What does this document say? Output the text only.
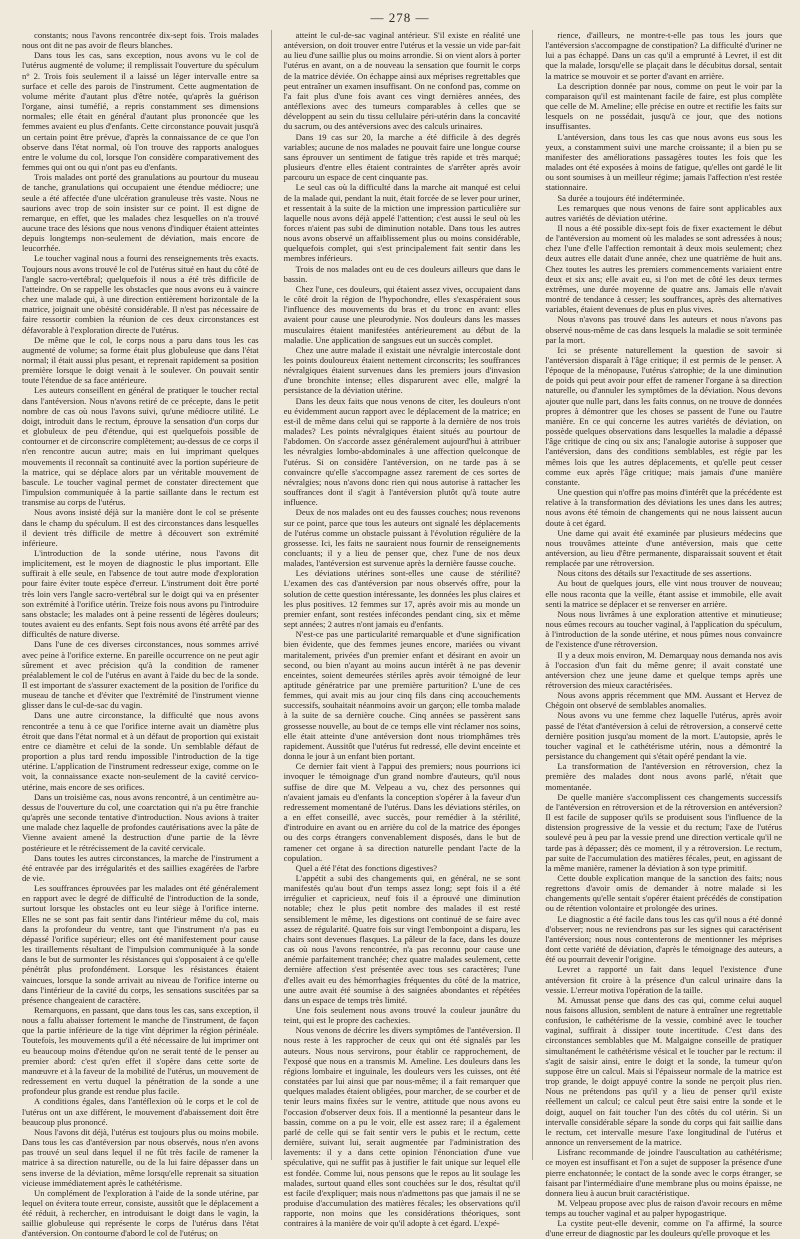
— 278 —

constants; nous l'avons rencontrée dix-sept fois. Trois malades nous ont dit ne pas avoir de fleurs blanches.

Dans tous les cas, sans exception, nous avons vu le col de l'utérus augmenté de volume; il remplissait l'ouverture du spéculum n° 2. Trois fois seulement il a laissé un léger intervalle entre sa surface et celle des parois de l'instrument. Cette augmentation de volume mérite d'autant plus d'être notée, qu'après la guérison l'organe, ainsi tuméfié, a repris constamment ses dimensions normales; elle était en général d'autant plus prononcée que les femmes avaient eu plus d'enfants. Cette circonstance pouvait jusqu'à un certain point être prévue, d'après la connaissance de ce que l'on observe dans l'état normal, où l'on trouve des rapports analogues entre le volume du col, lorsque l'on considère comparativement des femmes qui ont ou qui n'ont pas eu d'enfants.

Trois malades ont porté des granulations au pourtour du museau de tanche, granulations qui occupaient une étendue médiocre; une seule a été affectée d'une ulcération granuleuse très vaste. Nous ne saurions avec trop de soin insister sur ce point. Il est digne de remarque, en effet, que les malades chez lesquelles on n'a trouvé aucune trace des lésions que nous venons d'indiquer étaient atteintes depuis longtemps non-seulement de déviation, mais encore de leucorrhée.

Le toucher vaginal nous a fourni des renseignements très exacts. Toujours nous avons trouvé le col de l'utérus situé en haut du côté de l'angle sacro-vertébral; quelquefois il nous a été très difficile de l'atteindre. On se rappelle les obstacles que nous avons eu à vaincre chez une malade qui, à une direction entièrement horizontale de la matrice, joignait une obésité considérable. Il n'est pas nécessaire de faire ressortir combien la réunion de ces deux circonstances est défavorable à l'exploration directe de l'utérus.

De même que le col, le corps nous a paru dans tous les cas augmenté de volume; sa forme était plus globuleuse que dans l'état normal; il était aussi plus pesant, et reprenait rapidement sa position première lorsque le doigt venait à le soulever. On pouvait sentir toute l'étendue de sa face antérieure.

Les auteurs conseillent en général de pratiquer le toucher rectal dans l'antéversion. Nous n'avons retiré de ce précepte, dans le petit nombre de cas où nous l'avons suivi, qu'une médiocre utilité. Le doigt, introduit dans le rectum, éprouve la sensation d'un corps dur et globuleux de peu d'étendue, qui est quelquefois possible de contourner et de circonscrire complètement; au-dessus de ce corps il n'en rencontre aucun autre; mais en lui imprimant quelques mouvements il reconnaît sa continuité avec la portion supérieure de la matrice, qui se déplace alors par un véritable mouvement de bascule. Le toucher vaginal permet de constater directement que l'impulsion communiquée à la partie saillante dans le rectum est transmise au corps de l'utérus.

Nous avons insisté déjà sur la manière dont le col se présente dans le champ du spéculum. Il est des circonstances dans lesquelles il devient très difficile de mettre à découvert son extrémité inférieure.

L'introduction de la sonde utérine, nous l'avons dit implicitement, est le moyen de diagnostic le plus important. Elle suffirait à elle seule, en l'absence de tout autre mode d'exploration pour faire éviter toute espèce d'erreur. L'instrument doit être porté très loin vers l'angle sacro-vertébral sur le doigt qui va en présenter son extrémité à l'orifice utérin. Treize fois nous avons pu l'introduire sans obstacle; les malades ont à peine ressenti de légères douleurs; toutes avaient eu des enfants. Sept fois nous avons été arrêté par des difficultés de nature diverse.

Dans l'une de ces diverses circonstances, nous sommes arrivé avec peine à l'orifice externe. En pareille occurrence on ne peut agir sûrement et avec précision qu'à la condition de ramener préalablement le col de l'utérus en avant à l'aide du bec de la sonde. Il est important de s'assurer exactement de la position de l'orifice du museau de tanche et d'éviter que l'extrémité de l'instrument vienne glisser dans le cul-de-sac du vagin.

Dans une autre circonstance, la difficulté que nous avons rencontrée a tenu à ce que l'orifice interne avait un diamètre plus étroit que dans l'état normal et à un défaut de proportion qui existait entre ce diamètre et celui de la sonde. Un semblable défaut de proportion a plus tard rendu impossible l'introduction de la tige utérine. L'application de l'instrument redresseur exige, comme on le voit, la connaissance exacte non-seulement de la cavité cervico-utérine, mais encore de ses orifices.

Dans un troisième cas, nous avons rencontré, à un centimètre au-dessus de l'ouverture du col, une coarctation qui n'a pu être franchie qu'après une seconde tentative d'introduction. Nous avions à traiter une malade chez laquelle de profondes cautérisations avec la pâte de Vienne avaient amené la destruction d'une partie de la lèvre postérieure et le rétrécissement de la cavité cervicale.

Dans toutes les autres circonstances, la marche de l'instrument a été entravée par des irrégularités et des saillies exagérées de l'arbre de vie.

Les souffrances éprouvées par les malades ont été généralement en rapport avec le degré de difficulté de l'introduction de la sonde, surtout lorsque les obstacles ont eu leur siège à l'orifice interne. Elles ne se sont pas fait sentir dans l'intérieur même du col, mais dans la profondeur du ventre, tant que l'instrument n'a pas eu dépassé l'orifice supérieur; elles ont été manifestement pour cause les tiraillements résultant de l'impulsion communiquée à la sonde dans le but de surmonter les résistances qui s'opposaient à ce qu'elle pénétrât plus profondément. Lorsque les résistances étaient vaincues, lorsque la sonde arrivait au niveau de l'orifice interne ou dans l'intérieur de la cavité du corps, les sensations suscitées par sa présence changeaient de caractère.

Remarquons, en passant, que dans tous les cas, sans exception, il nous a fallu abaisser fortement le manche de l'instrument, de façon que la partie inférieure de la tige vînt déprimer la région périnéale. Toutefois, les mouvements qu'il a été nécessaire de lui imprimer ont eu beaucoup moins d'étendue qu'on ne serait tenté de le penser au premier abord: c'est qu'en effet il s'opère dans cette sorte de manœuvre et à la faveur de la mobilité de l'utérus, un mouvement de redressement en vertu duquel la pénétration de la sonde a une profondeur plus grande est rendue plus facile.

A conditions égales, dans l'antéflexion où le corps et le col de l'utérus ont un axe différent, le mouvement d'abaissement doit être beaucoup plus prononcé.

Nous l'avons dit déjà, l'utérus est toujours plus ou moins mobile. Dans tous les cas d'antéversion par nous observés, nous n'en avons pas trouvé un seul dans lequel il ne fût très facile de ramener la matrice à sa direction naturelle, ou de la lui faire dépasser dans un sens inverse de la déviation, même lorsqu'elle reprenait sa situation vicieuse immédiatement après le cathétérisme.

Un complément de l'exploration à l'aide de la sonde utérine, par lequel on évitera toute erreur, consiste, aussitôt que le déplacement a été réduit, à rechercher, en introduisant le doigt dans le vagin, la saillie globuleuse qui représente le corps de l'utérus dans l'état d'antéversion. On contourne d'abord le col de l'utérus; on

atteint le cul-de-sac vaginal antérieur. S'il existe en réalité une antéversion, on doit trouver entre l'utérus et la vessie un vide par-fait au lieu d'une saillie plus ou moins arrondie. Si on vient alors à porter l'utérus en avant, on a de nouveau la sensation que fournit le corps de la matrice déviée. On échappe ainsi aux méprises regrettables que peut entraîner un examen insuffisant. On ne confond pas, comme on l'a fait plus d'une fois avant ces vingt dernières années, des antéflexions avec des tumeurs comparables à celles que se développent au sein du tissu cellulaire péri-utérin dans la concavité du sacrum, ou des antéversions avec des calculs urinaires.

Dans 19 cas sur 20, la marche a été difficile à des degrés variables; aucune de nos malades ne pouvait faire une longue course sans éprouver un sentiment de fatigue très rapide et très marqué; plusieurs d'entre elles étaient contraintes de s'arrêter après avoir parcouru un espace de cent cinquante pas.

Le seul cas où la difficulté dans la marche ait manqué est celui de la malade qui, pendant la nuit, était forcée de se lever pour uriner, et ressentait à la suite de la miction une impression particulière sur laquelle nous avons déjà appelé l'attention; c'est aussi le seul où les forces n'aient pas subi de diminution notable. Dans tous les autres nous avons observé un affaiblissement plus ou moins considérable, quelquefois complet, qui s'est principalement fait sentir dans les membres inférieurs.

Trois de nos malades ont eu de ces douleurs ailleurs que dans le bassin.

Chez l'une, ces douleurs, qui étaient assez vives, occupaient dans le côté droit la région de l'hypochondre, elles s'exaspéraient sous l'influence des mouvements du bras et du tronc en avant: elles avaient pour cause une pleurodynie. Nos douleurs dans les masses musculaires étaient manifestées antérieurement au début de la maladie. Une application de sangsues eut un succès complet.

Chez une autre malade il existait une névralgie intercostale dont les points douloureux étaient nettement circonscrits; les souffrances névralgiques étaient survenues dans les premiers jours d'invasion d'une bronchite intense; elles disparurent avec elle, malgré la persistance de la déviation utérine.

Dans les deux faits que nous venons de citer, les douleurs n'ont eu évidemment aucun rapport avec le déplacement de la matrice; en est-il de même dans celui qui se rapporte à la dernière de nos trois malades? Les points névralgiques étaient situés au pourtour de l'abdomen. On s'accorde assez généralement aujourd'hui à attribuer les névralgies lombo-abdominales à une affection quelconque de l'utérus. Si on considère l'antéversion, on ne tarde pas à se convaincre qu'elle s'accompagne assez rarement de ces sortes de névralgies; nous n'avons donc rien qui nous autorise à rattacher les souffrances dont il s'agit à l'antéversion plutôt qu'à toute autre influence.

Deux de nos malades ont eu des fausses couches; nous revenons sur ce point, parce que tous les auteurs ont signalé les déplacements de l'utérus comme un obstacle puissant à l'évolution régulière de la grossesse. Ici, les faits ne sauraient nous fournir de renseignements concluants; il y a lieu de penser que, chez l'une de nos deux malades, l'antéversion est survenue après la dernière fausse couche.

Les déviations utérines sont-elles une cause de stérilité? L'examen des cas d'antéversion par nous observés offre, pour la solution de cette question intéressante, les données les plus claires et les plus positives. 12 femmes sur 17, après avoir mis au monde un premier enfant, sont restées infécondes pendant cinq, six et même sept années; 2 autres n'ont jamais eu d'enfants.

N'est-ce pas une particularité remarquable et d'une signification bien évidente, que des femmes jeunes encore, mariées ou vivant maritalement, privées d'un premier enfant et désirant en avoir un second, ou bien n'ayant au moins aucun intérêt à ne pas devenir enceintes, soient demeurées stériles après avoir témoigné de leur aptitude génératrice par une première parturition? L'une de ces femmes, qui avait mis au jour cinq fils dans cinq accouchements successifs, souhaitait néanmoins avoir un garçon; elle tomba malade à la suite de sa dernière couche. Cinq années se passèrent sans grossesse nouvelle, au bout de ce temps elle vint réclamer nos soins, elle était atteinte d'une antéversion dont nous triomphâmes très rapidement. Aussitôt que l'utérus fut redressé, elle devint enceinte et donna le jour à un enfant bien portant.

Ce dernier fait vient à l'appui des premiers; nous pourrions ici invoquer le témoignage d'un grand nombre d'auteurs, qu'il nous suffise de dire que M. Velpeau a vu, chez des personnes qui n'avaient jamais eu d'enfants la conception s'opérer à la faveur d'un redressement momentané de l'utérus. Dans les déviations stériles, on a en effet conseillé, avec succès, pour remédier à la stérilité, d'introduire en avant ou en arrière du col de la matrice des éponges ou des corps étrangers convenablement disposés, dans le but de ramener cet organe à sa direction naturelle pendant l'acte de la copulation.

Quel a été l'état des fonctions digestives?

L'appétit a subi des changements qui, en général, ne se sont manifestés qu'au bout d'un temps assez long; sept fois il a été irrégulier et capricieux, neuf fois il a éprouvé une diminution notable; chez le plus petit nombre des malades il est resté sensiblement le même, les digestions ont continué de se faire avec assez de régularité. Quatre fois sur vingt l'embonpoint a disparu, les chairs sont devenues flasques. La pâleur de la face, dans les douze cas où nous l'avons rencontrée, n'a pas reconnu pour cause une anémie parfaitement tranchée; chez quatre malades seulement, cette dernière affection s'est présentée avec tous ses caractères; l'une d'elles avait eu des hémorrhagies fréquentes du côté de la matrice, une autre avait été soumise à des saignées abondantes et répétées dans un espace de temps très limité.

Une fois seulement nous avons trouvé la couleur jaunâtre du teint, qui est le propre des cachexies.

Nous venons de décrire les divers symptômes de l'antéversion. Il nous reste à les rapprocher de ceux qui ont été signalés par les auteurs. Nous nous servirons, pour établir ce rapprochement, de l'exposé que nous en a transmis M. Ameline. Les douleurs dans les régions lombaire et inguinale, les douleurs vers les cuisses, ont été constatées par lui ainsi que par nous-même; il a fait remarquer que quelques malades étaient obligées, pour marcher, de se courber et de tenir leurs mains fixées sur le ventre, attitude que nous avons eu l'occasion d'observer deux fois. Il a mentionné la pesanteur dans le bassin, comme on a pu le voir, elle est assez rare; il a également parlé de celle qui se fait sentir vers le pubis et le rectum, cette dernière, suivant lui, serait augmentée par l'administration des lavements: il y a dans cette opinion l'énonciation d'une vue spéculative, qui ne suffit pas à justifier le fait unique sur lequel elle est fondée. Comme lui, nous pensons que le repos au lit soulage les malades, surtout quand elles sont couchées sur le dos, résultat qu'il est facile d'expliquer; mais nous n'admettons pas que jamais il ne se produise d'accumulation des matières fécales; les observations qu'il rapporte, non moins que les considérations théoriques, sont contraires à la manière de voir qu'il adopte à cet égard. L'expé-

rience, d'ailleurs, ne montre-t-elle pas tous les jours que l'antéversion s'accompagne de constipation? La difficulté d'uriner ne lui a pas échappé. Dans un cas qu'il a emprunté à Levret, il est dit que la malade, lorsqu'elle se plaçait dans le décubitus dorsal, sentait la matrice se mouvoir et se porter d'avant en arrière.

La description donnée par nous, comme on peut le voir par la comparaison qu'il est maintenant facile de faire, est plus complète que celle de M. Ameline; elle précise en outre et rectifie les faits sur lesquels on ne possédait, jusqu'à ce jour, que des notions insuffisantes.

L'antéversion, dans tous les cas que nous avons eus sous les yeux, a constamment suivi une marche croissante; il a bien pu se manifester des améliorations passagères toutes les fois que les malades ont été exposées à moins de fatigue, qu'elles ont gardé le lit ou sont soumises à un meilleur régime; jamais l'affection n'est restée stationnaire.

Sa durée a toujours été indéterminée.

Les remarques que nous venons de faire sont applicables aux autres variétés de déviation utérine.

Il nous a été possible dix-sept fois de fixer exactement le début de l'antéversion au moment où les malades se sont adressées à nous; chez l'une d'elle l'affection remontait à deux mois seulement; chez deux autres elle datait d'une année, chez une quatrième de huit ans. Chez toutes les autres les premiers commencements variaient entre deux et six ans; elle avait eu, si l'on met de côté les deux termes extrêmes, une durée moyenne de quatre ans. Jamais elle n'avait montré de tendance à cesser; les souffrances, après des alternatives variables, étaient devenues de plus en plus vives.

Nous n'avons pas trouvé dans les auteurs et nous n'avons pas observé nous-même de cas dans lesquels la maladie se soit terminée par la mort.

Ici se présente naturellement la question de savoir si l'antéversion disparaît à l'âge critique; il est permis de le penser. A l'époque de la ménopause, l'utérus s'atrophie; de la une diminution de poids qui peut avoir pour effet de ramener l'organe à sa direction naturelle, ou d'annuler les symptômes de la déviation. Nous devons ajouter que nulle part, dans les faits connus, on ne trouve de données propres à démontrer que les choses se passent de l'une ou l'autre manière. En ce qui concerne les autres variétés de déviation, on possède quelques observations dans lesquelles la maladie a dépassé l'âge critique de cinq ou six ans; l'analogie autorise à supposer que l'antéversion, dans des conditions semblables, est régie par les mêmes lois que les autres déplacements, et qu'elle peut cesser comme eux après l'âge critique; mais jamais d'une manière constante.

Une question qui n'offre pas moins d'intérêt que la précédente est relative à la transformation des déviations les unes dans les autres; nous avons été témoin de changements qui ne nous laissent aucun doute à cet égard.

Une dame qui avait été examinée par plusieurs médecins que nous trouvâmes atteinte d'une antéversion, mais que cette antéversion, au lieu d'être permanente, disparaissait souvent et était remplacée par une rétroversion.

Nous citons des détails sur l'exactitude de ses assertions.

Au bout de quelques jours, elle vint nous trouver de nouveau; elle nous raconta que la veille, étant assise et immobile, elle avait senti la matrice se déplacer et se renverser en arrière.

Nous nous livrâmes à une exploration attentive et minutieuse; nous eûmes recours au toucher vaginal, à l'application du spéculum, à l'introduction de la sonde utérine, et nous pûmes nous convaincre de l'existence d'une rétroversion.

Il y a deux mois environ, M. Demarquay nous demanda nos avis à l'occasion d'un fait du même genre; il avait constaté une antéversion chez une jeune dame et quelque temps après une rétroversion des mieux caractérisées.

Nous avons appris récemment que MM. Aussant et Hervez de Chégoin ont observé de semblables anomalies.

Nous avons vu une femme chez laquelle l'utérus, après avoir passé de l'état d'antéversion à celui de rétroversion, a conservé cette dernière position jusqu'au moment de la mort. L'autopsie, après le toucher vaginal et le cathétérisme utérin, nous a démontré la persistance du changement qui s'était opéré pendant la vie.

La transformation de l'antéversion en rétroversion, chez la première des malades dont nous avons parlé, n'était que momentanée.

De quelle manière s'accomplissent ces changements successifs de l'antéversion en rétroversion et de la rétroversion en antéversion? Il est facile de supposer qu'ils se produisent sous l'influence de la distension progressive de la vessie et du rectum; l'axe de l'utérus soulevé peu à peu par la vessie prend une direction verticale qu'il ne tarde pas à dépasser; dès ce moment, il y a rétroversion. Le rectum, par suite de l'accumulation des matières fécales, peut, en agissant de la même manière, ramener la déviation à son type primitif.

Cette double explication manque de la sanction des faits; nous regrettons d'avoir omis de demander à notre malade si les changements qu'elle sentait s'opérer étaient précédés de constipation ou de rétention volontaire et prolongée des urines.

Le diagnostic a été facile dans tous les cas qu'il nous a été donné d'observer; nous ne reviendrons pas sur les signes qui caractérisent l'antéversion; nous nous contenterons de mentionner les méprises dont cette variété de déviation, d'après le témoignage des auteurs, a été ou pourrait devenir l'origine.

Levret a rapporté un fait dans lequel l'existence d'une antéversion fit croire à la présence d'un calcul urinaire dans la vessie. L'erreur motiva l'opération de la taille.

M. Amussat pense que dans des cas qui, comme celui auquel nous faisons allusion, semblent de nature à entraîner une regrettable confusion, le cathétérisme de la vessie, combiné avec le toucher vaginal, suffirait à dissiper toute incertitude. C'est dans des circonstances semblables que M. Malgaigne conseille de pratiquer simultanément le cathétérisme vésical et le toucher par le rectum: il s'agit de saisir ainsi, entre le doigt et la sonde, la tumeur qu'on suppose être un calcul. Mais si l'épaisseur normale de la matrice est trop grande, le doigt appuyé contre la sonde ne perçoit plus rien. Nous ne prétendons pas qu'il y a lieu de penser qu'il existe réellement un calcul; ce calcul peut être saisi entre la sonde et le doigt, auquel on fait toucher l'un des côtés du col utérin. Si un intervalle considérable sépare la sonde du corps qui fait saillie dans le rectum, cet intervalle mesure l'axe longitudinal de l'utérus et annonce un renversement de la matrice.

Lisfranc recommande de joindre l'auscultation au cathétérisme; ce moyen est insuffisant et l'on a sujet de supposer la présence d'une pierre enchatonnée; le contact de la sonde avec le corps étranger, se faisant par l'intermédiaire d'une membrane plus ou moins épaisse, ne donnera lieu à aucun bruit caractéristique.

M. Velpeau propose avec plus de raison d'avoir recours en même temps au toucher vaginal et au palper hypogastrique.

La cystite peut-elle devenir, comme on l'a affirmé, la source d'une erreur de diagnostic par les douleurs qu'elle provoque et les
